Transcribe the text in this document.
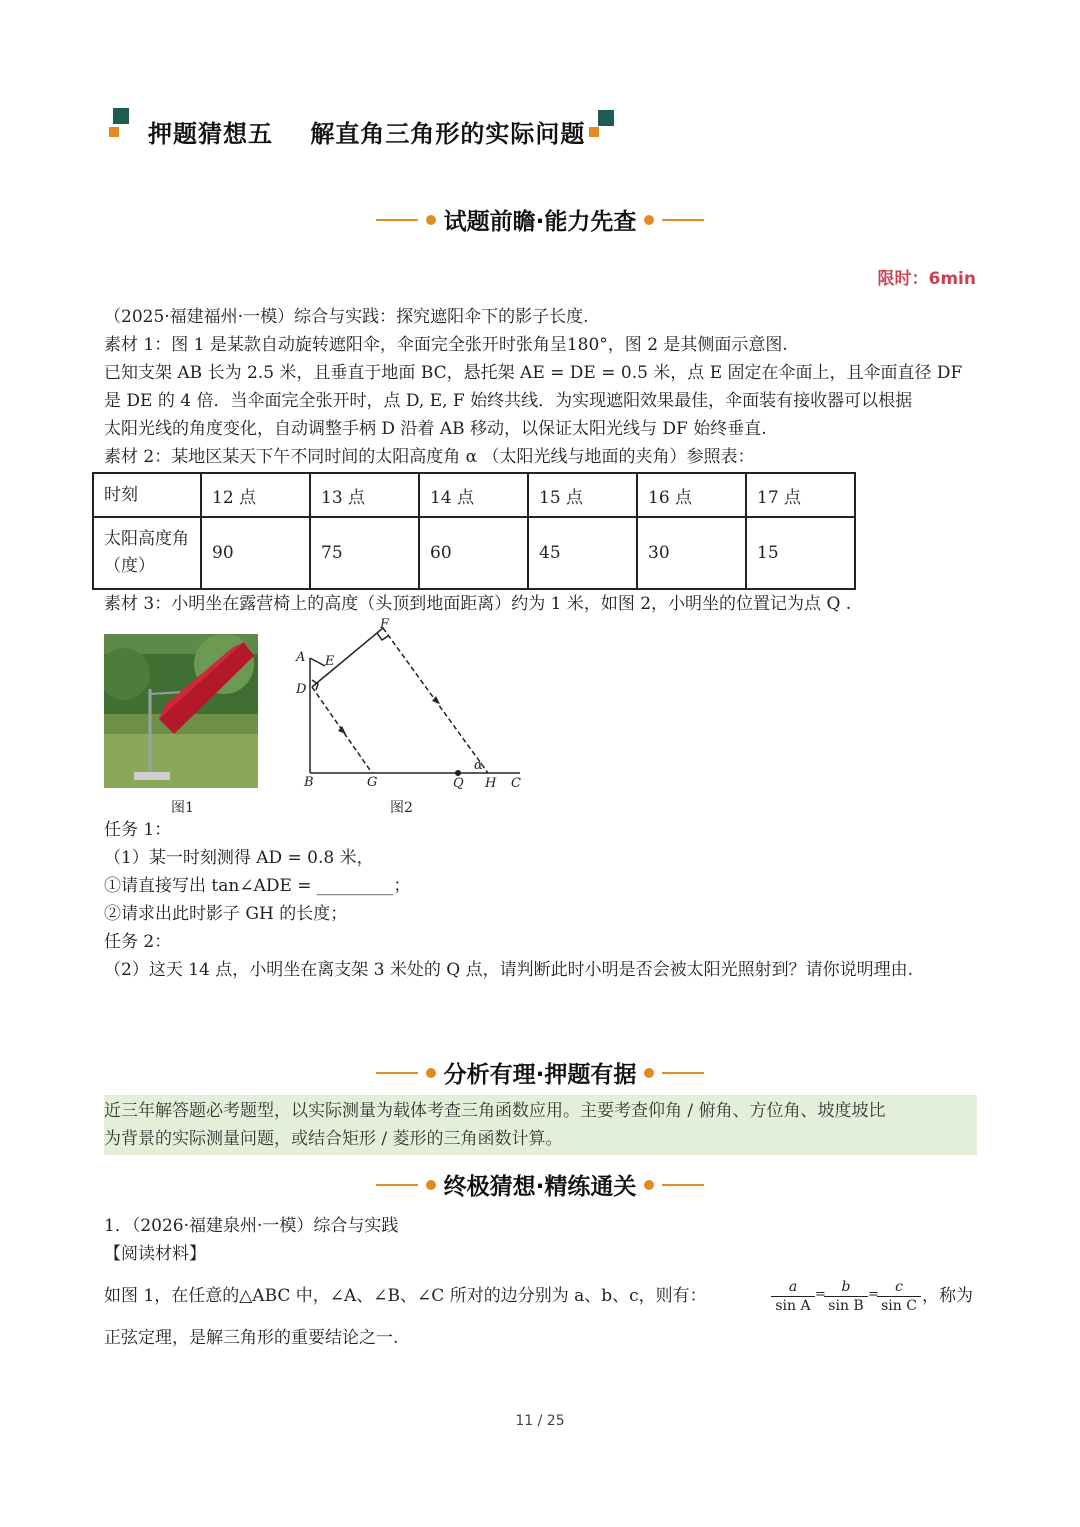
押题猜想五    解直角三角形的实际问题
试题前瞻·能力先查
限时：6min
（2025·福建福州·一模）综合与实践：探究遮阳伞下的影子长度.
素材 1：图 1 是某款自动旋转遮阳伞，伞面完全张开时张角呈180°，图 2 是其侧面示意图.
已知支架 AB 长为 2.5 米，且垂直于地面 BC，悬托架 AE = DE = 0.5 米，点 E 固定在伞面上，且伞面直径 DF
是 DE 的 4 倍．当伞面完全张开时，点 D, E, F 始终共线．为实现遮阳效果最佳，伞面装有接收器可以根据
太阳光线的角度变化，自动调整手柄 D 沿着 AB 移动，以保证太阳光线与 DF 始终垂直.
素材 2：某地区某天下午不同时间的太阳高度角 α （太阳光线与地面的夹角）参照表：
时刻	12 点	13 点	14 点	15 点	16 点	17 点
太阳高度角（度）	90	75	60	45	30	15
素材 3：小明坐在露营椅上的高度（头顶到地面距离）约为 1 米，如图 2，小明坐的位置记为点 Q .
图1
A E
F
D
B	G	Q H C
α
图2
任务 1：
（1）某一时刻测得 AD = 0.8 米，
①请直接写出 tan∠ADE = _________；
②请求出此时影子 GH 的长度；
任务 2：
（2）这天 14 点，小明坐在离支架 3 米处的 Q 点，请判断此时小明是否会被太阳光照射到？请你说明理由.
分析有理·押题有据
近三年解答题必考题型，以实际测量为载体考查三角函数应用。主要考查仰角 / 俯角、方位角、坡度坡比
为背景的实际测量问题，或结合矩形 / 菱形的三角函数计算。
终极猜想·精练通关
1．（2026·福建泉州·一模）综合与实践
【阅读材料】
如图 1，在任意的△ABC 中，∠A、∠B、∠C 所对的边分别为 a、b、c，则有：	$\frac{a}{\text{sin A}}$ =
$\frac{b}{\text{sin B}}$ =
$\frac{c}{\text{sin C}}$ ，称为
正弦定理，是解三角形的重要结论之一.
11 / 25
